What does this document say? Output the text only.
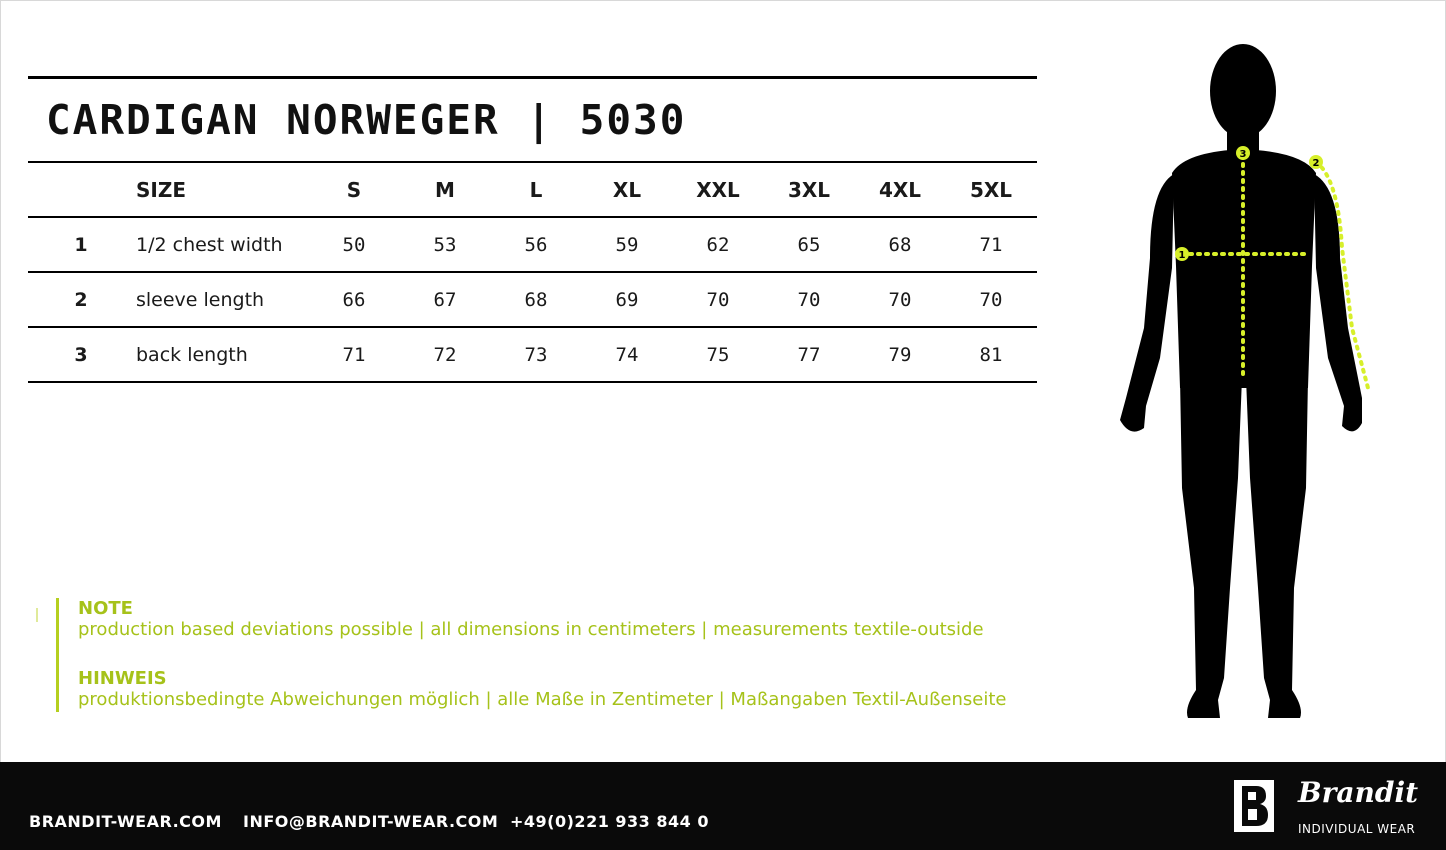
CARDIGAN NORWEGER | 5030
SIZE	S	M	L	XL	XXL	3XL	4XL	5XL
1	1/2 chest width	50	53	56	59	62	65	68	71
2	sleeve length	66	67	68	69	70	70	70	70
3	back length	71	72	73	74	75	77	79	81
NOTE
production based deviations possible | all dimensions in centimeters | measurements textile-outside
HINWEIS
produktionsbedingte Abweichungen möglich | alle Maße in Zentimeter | Maßangaben Textil-Außenseite
1
2
3
BRANDIT-WEAR.COM INFO@BRANDIT-WEAR.COM +49(0)221 933 844 0
Brandit
INDIVIDUAL WEAR
